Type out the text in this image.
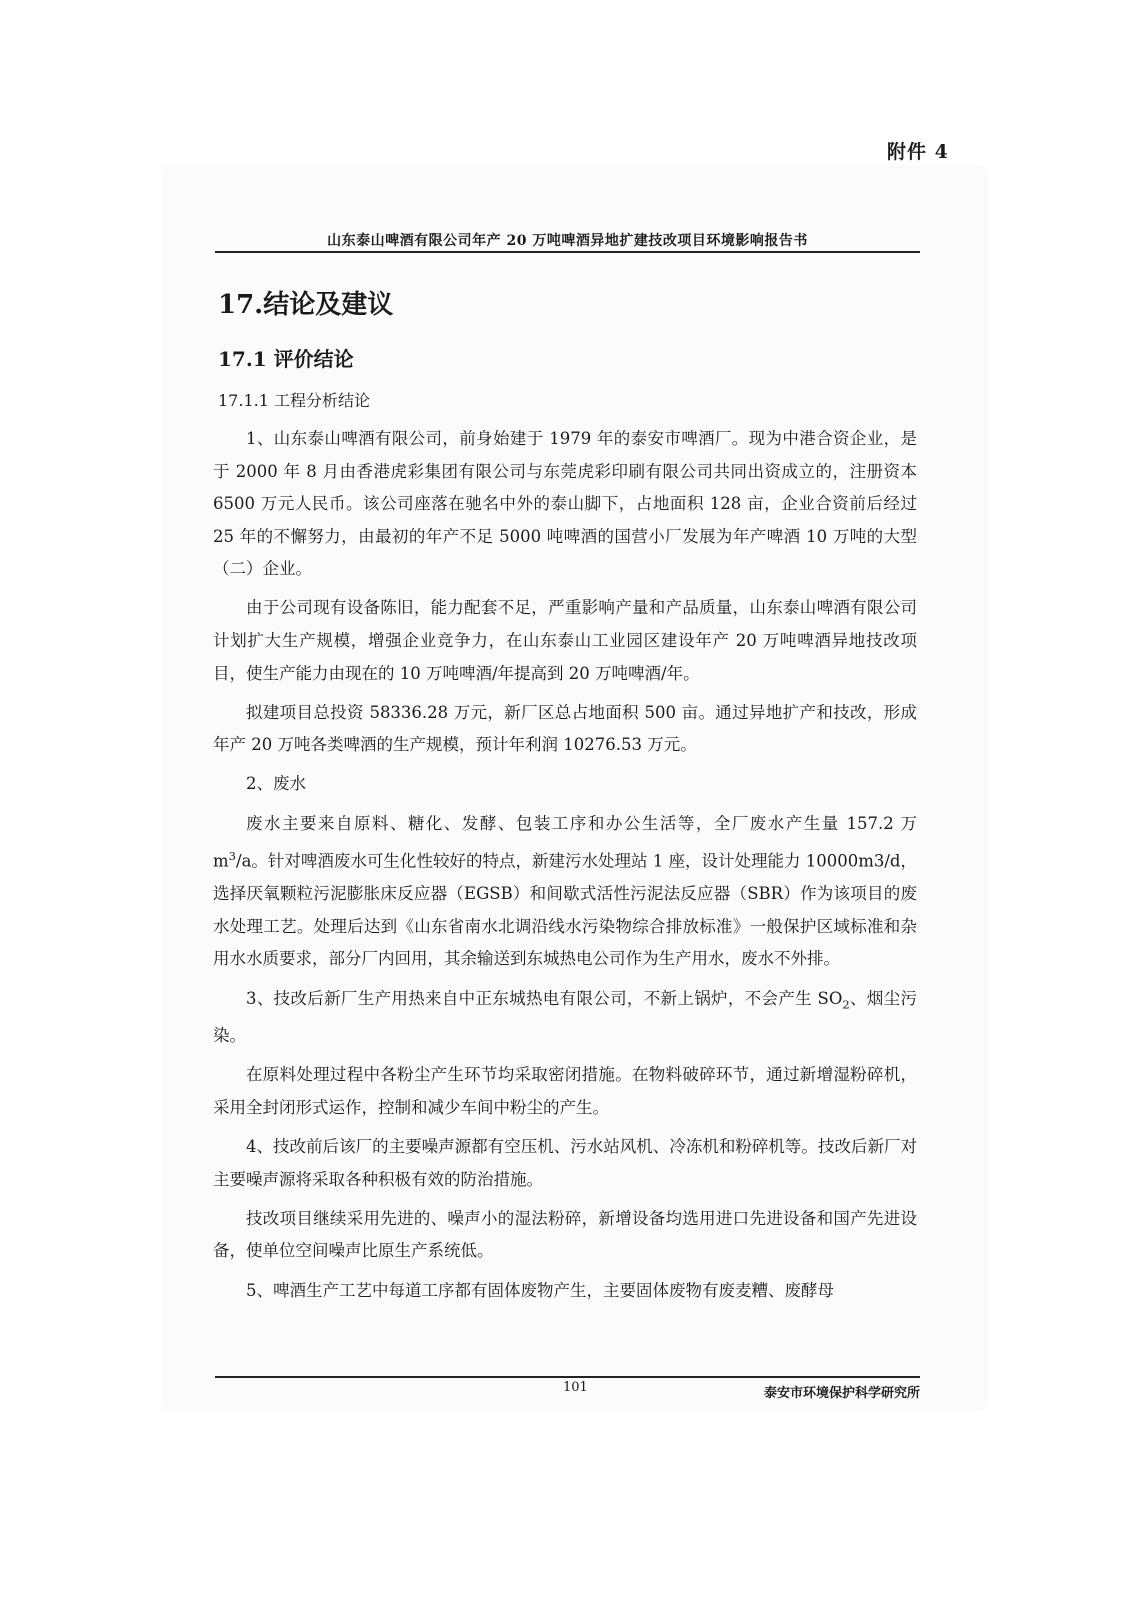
附件 4
山东泰山啤酒有限公司年产 20 万吨啤酒异地扩建技改项目环境影响报告书
17.结论及建议
17.1 评价结论
17.1.1 工程分析结论

1、山东泰山啤酒有限公司，前身始建于 1979 年的泰安市啤酒厂。现为中港合资企业，是于 2000 年 8 月由香港虎彩集团有限公司与东莞虎彩印刷有限公司共同出资成立的，注册资本 6500 万元人民币。该公司座落在驰名中外的泰山脚下，占地面积 128 亩，企业合资前后经过 25 年的不懈努力，由最初的年产不足 5000 吨啤酒的国营小厂发展为年产啤酒 10 万吨的大型（二）企业。

由于公司现有设备陈旧，能力配套不足，严重影响产量和产品质量，山东泰山啤酒有限公司计划扩大生产规模，增强企业竞争力，在山东泰山工业园区建设年产 20 万吨啤酒异地技改项目，使生产能力由现在的 10 万吨啤酒/年提高到 20 万吨啤酒/年。

拟建项目总投资 58336.28 万元，新厂区总占地面积 500 亩。通过异地扩产和技改，形成年产 20 万吨各类啤酒的生产规模，预计年利润 10276.53 万元。

2、废水

废水主要来自原料、糖化、发酵、包装工序和办公生活等，全厂废水产生量 157.2 万 $m^3/a$。针对啤酒废水可生化性较好的特点，新建污水处理站 1 座，设计处理能力 10000m3/d，选择厌氧颗粒污泥膨胀床反应器（EGSB）和间歇式活性污泥法反应器（SBR）作为该项目的废水处理工艺。处理后达到《山东省南水北调沿线水污染物综合排放标准》一般保护区域标准和杂用水水质要求，部分厂内回用，其余输送到东城热电公司作为生产用水，废水不外排。

3、技改后新厂生产用热来自中正东城热电有限公司，不新上锅炉，不会产生 $SO_2$、烟尘污染。

在原料处理过程中各粉尘产生环节均采取密闭措施。在物料破碎环节，通过新增湿粉碎机，采用全封闭形式运作，控制和减少车间中粉尘的产生。

4、技改前后该厂的主要噪声源都有空压机、污水站风机、冷冻机和粉碎机等。技改后新厂对主要噪声源将采取各种积极有效的防治措施。

技改项目继续采用先进的、噪声小的湿法粉碎，新增设备均选用进口先进设备和国产先进设备，使单位空间噪声比原生产系统低。

5、啤酒生产工艺中每道工序都有固体废物产生，主要固体废物有废麦糟、废酵母

101	泰安市环境保护科学研究所
